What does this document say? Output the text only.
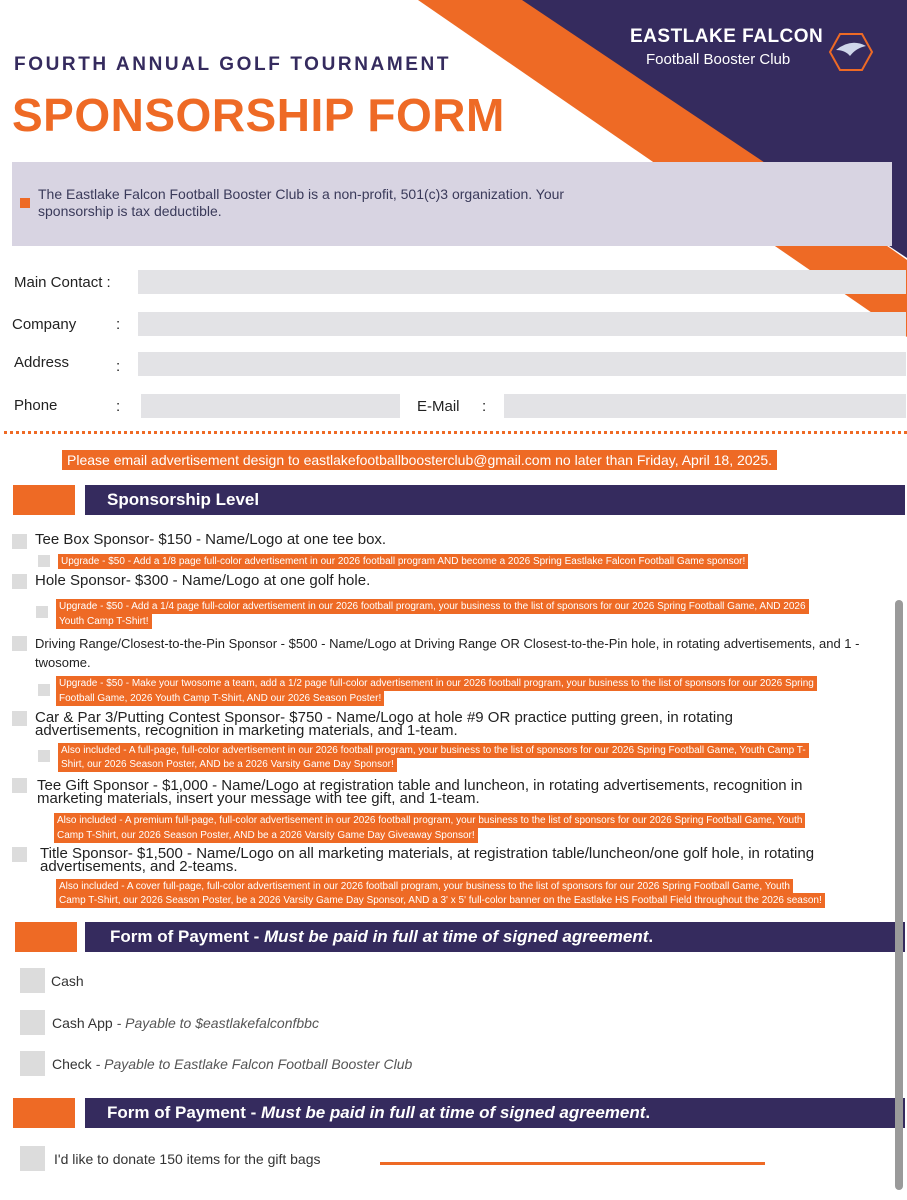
FOURTH ANNUAL GOLF TOURNAMENT
SPONSORSHIP FORM
EASTLAKE FALCON
Football Booster Club
The Eastlake Falcon Football Booster Club is a non-profit, 501(c)3 organization. Your sponsorship is tax deductible.
Main Contact :
Company	:
Address	:
Phone	:	E-Mail :
Please email advertisement design to eastlakefootballboosterclub@gmail.com no later than Friday, April 18, 2025.
Sponsorship Level
Tee Box Sponsor- $150 - Name/Logo at one tee box.
Upgrade - $50 - Add a 1/8 page full-color advertisement in our 2026 football program AND become a 2026 Spring Eastlake Falcon Football Game sponsor!
Hole Sponsor- $300 - Name/Logo at one golf hole.
Upgrade - $50 - Add a 1/4 page full-color advertisement in our 2026 football program, your business to the list of sponsors for our 2026 Spring Football Game, AND 2026
Youth Camp T-Shirt!
Driving Range/Closest-to-the-Pin Sponsor - $500 - Name/Logo at Driving Range OR Closest-to-the-Pin hole, in rotating advertisements, and 1 -
twosome.
Upgrade - $50 - Make your twosome a team, add a 1/2 page full-color advertisement in our 2026 football program, your business to the list of sponsors for our 2026 Spring
Football Game, 2026 Youth Camp T-Shirt, AND our 2026 Season Poster!
Car & Par 3/Putting Contest Sponsor- $750 - Name/Logo at hole #9 OR practice putting green, in rotating
advertisements, recognition in marketing materials, and 1-team.
Also included - A full-page, full-color advertisement in our 2026 football program, your business to the list of sponsors for our 2026 Spring Football Game, Youth Camp T-
Shirt, our 2026 Season Poster, AND be a 2026 Varsity Game Day Sponsor!
Tee Gift Sponsor - $1,000 - Name/Logo at registration table and luncheon, in rotating advertisements, recognition in
marketing materials, insert your message with tee gift, and 1-team.
Also included - A premium full-page, full-color advertisement in our 2026 football program, your business to the list of sponsors for our 2026 Spring Football Game, Youth
Camp T-Shirt, our 2026 Season Poster, AND be a 2026 Varsity Game Day Giveaway Sponsor!
Title Sponsor- $1,500 - Name/Logo on all marketing materials, at registration table/luncheon/one golf hole, in rotating
advertisements, and 2-teams.
Also included - A cover full-page, full-color advertisement in our 2026 football program, your business to the list of sponsors for our 2026 Spring Football Game, Youth
Camp T-Shirt, our 2026 Season Poster, be a 2026 Varsity Game Day Sponsor, AND a 3' x 5' full-color banner on the Eastlake HS Football Field throughout the 2026 season!
Form of Payment - Must be paid in full at time of signed agreement.
Cash
Cash App - Payable to $eastlakefalconfbbc
Check - Payable to Eastlake Falcon Football Booster Club
Form of Payment - Must be paid in full at time of signed agreement.
I'd like to donate 150 items for the gift bags
